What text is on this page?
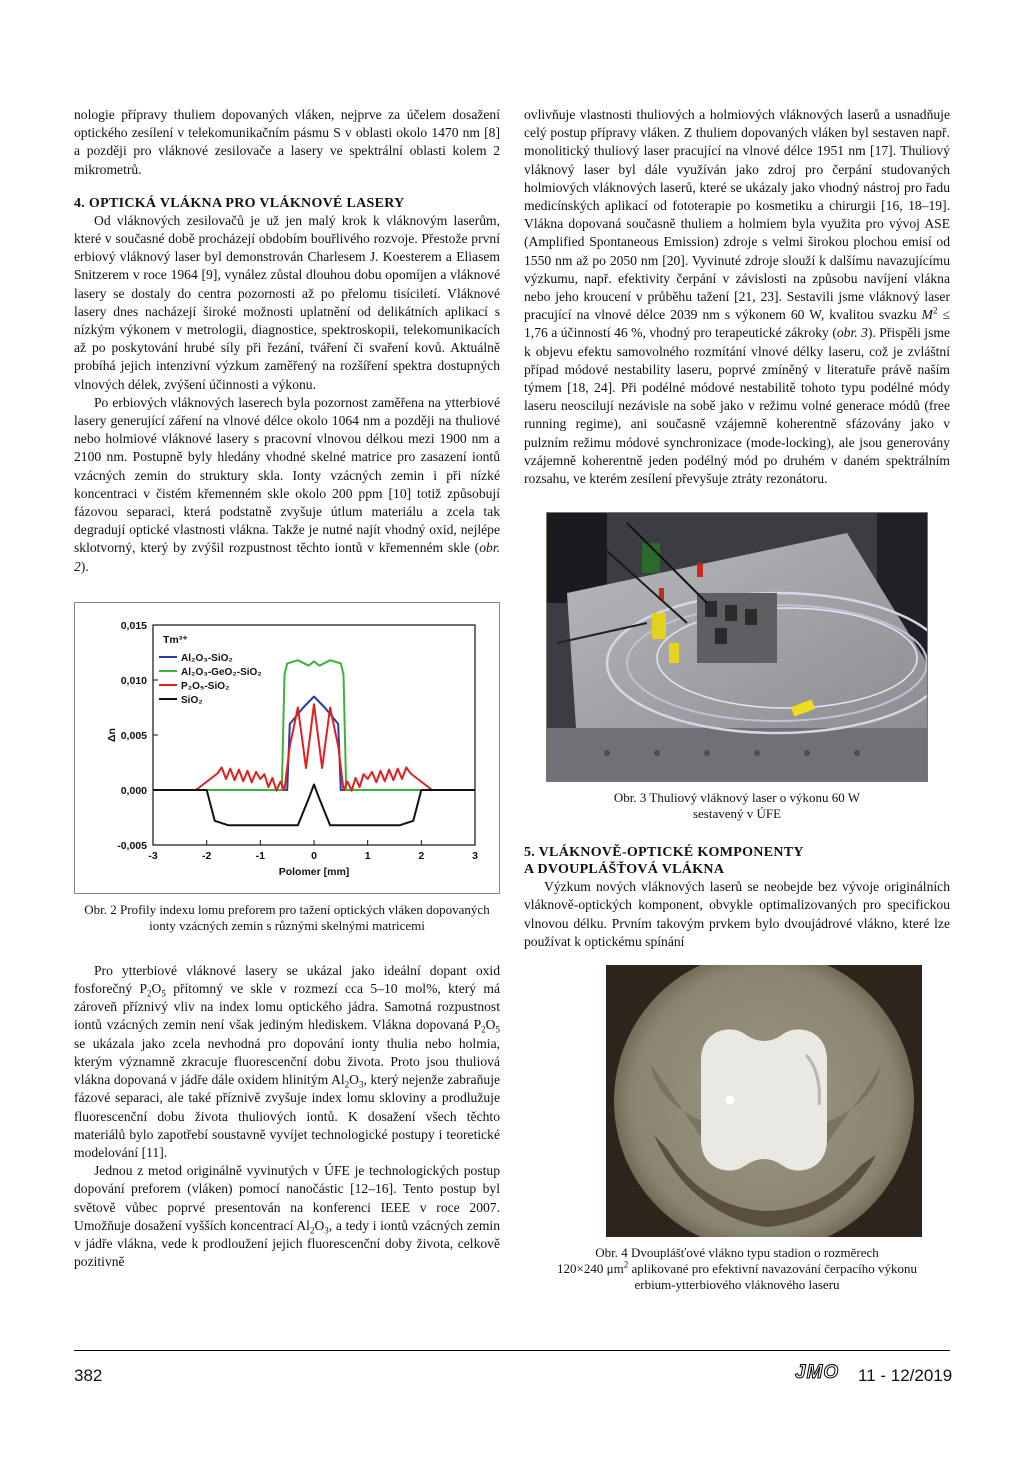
nologie přípravy thuliem dopovaných vláken, nejprve za účelem dosažení optického zesílení v telekomunikačním pásmu S v oblasti okolo 1470 nm [8] a později pro vláknové zesilovače a lasery ve spektrální oblasti kolem 2 mikrometrů.

4. OPTICKÁ VLÁKNA PRO VLÁKNOVÉ LASERY

Od vláknových zesilovačů je už jen malý krok k vláknovým laserům, které v současné době procházejí obdobím bouřlivého rozvoje. Přestože první erbiový vláknový laser byl demonstrován Charlesem J. Koesterem a Eliasem Snitzerem v roce 1964 [9], vynález zůstal dlouhou dobu opomíjen a vláknové lasery se dostaly do centra pozornosti až po přelomu tisíciletí. Vláknové lasery dnes nacházejí široké možnosti uplatnění od delikátních aplikací s nízkým výkonem v metrologii, diagnostice, spektroskopii, telekomunikacích až po poskytování hrubé síly při řezání, tváření či svaření kovů. Aktuálně probíhá jejich intenzivní výzkum zaměřený na rozšíření spektra dostupných vlnových délek, zvýšení účinnosti a výkonu.

Po erbiových vláknových laserech byla pozornost zaměřena na ytterbiové lasery generující záření na vlnové délce okolo 1064 nm a později na thuliové nebo holmiové vláknové lasery s pracovní vlnovou délkou mezi 1900 nm a 2100 nm. Postupně byly hledány vhodné skelné matrice pro zasazení iontů vzácných zemin do struktury skla. Ionty vzácných zemin i při nízké koncentraci v čistém křemenném skle okolo 200 ppm [10] totiž způsobují fázovou separaci, která podstatně zvyšuje útlum materiálu a zcela tak degradují optické vlastnosti vlákna. Takže je nutné najít vhodný oxid, nejlépe sklotvorný, který by zvýšil rozpustnost těchto iontů v křemenném skle (obr. 2).

-0,005
0,000
0,005
0,010
0,015
-3	-2	-1	0	1	2	3
Polomer [mm]
Δn
Tm³⁺
Al₂O₃-SiO₂
Al₂O₃-GeO₂-SiO₂
P₂O₅-SiO₂
SiO₂
Obr. 2 Profily indexu lomu preforem pro tažení optických vláken dopovaných ionty vzácných zemin s různými skelnými matricemi

Pro ytterbiové vláknové lasery se ukázal jako ideální dopant oxid fosforečný $P_2O_5$ přítomný ve skle v rozmezí cca 5–10 mol%, který má zároveň příznivý vliv na index lomu optického jádra. Samotná rozpustnost iontů vzácných zemin není však jediným hlediskem. Vlákna dopovaná $P_2O_5$ se ukázala jako zcela nevhodná pro dopování ionty thulia nebo holmia, kterým významně zkracuje fluorescenční dobu života. Proto jsou thuliová vlákna dopovaná v jádře dále oxidem hlinitým $Al_2O_3$, který nejenže zabraňuje fázové separaci, ale také příznivě zvyšuje index lomu skloviny a prodlužuje fluorescenční dobu života thuliových iontů. K dosažení všech těchto materiálů bylo zapotřebí soustavně vyvíjet technologické postupy i teoretické modelování [11].

Jednou z metod originálně vyvinutých v ÚFE je technologických postup dopování preforem (vláken) pomocí nanočástic [12–16]. Tento postup byl světově vůbec poprvé presentován na konferenci IEEE v roce 2007. Umožňuje dosažení vyšších koncentrací $Al_2O_3$, a tedy i iontů vzácných zemin v jádře vlákna, vede k prodloužení jejich fluorescenční doby života, celkově pozitivně

ovlivňuje vlastnosti thuliových a holmiových vláknových laserů a usnadňuje celý postup přípravy vláken. Z thuliem dopovaných vláken byl sestaven např. monolitický thuliový laser pracující na vlnové délce 1951 nm [17]. Thuliový vláknový laser byl dále využíván jako zdroj pro čerpání studovaných holmiových vláknových laserů, které se ukázaly jako vhodný nástroj pro řadu medicínských aplikací od fototerapie po kosmetiku a chirurgii [16, 18–19]. Vlákna dopovaná současně thuliem a holmiem byla využita pro vývoj ASE (Amplified Spontaneous Emission) zdroje s velmi širokou plochou emisí od 1550 nm až po 2050 nm [20]. Vyvinuté zdroje slouží k dalšímu navazujícímu výzkumu, např. efektivity čerpání v závislosti na způsobu navíjení vlákna nebo jeho kroucení v průběhu tažení [21, 23]. Sestavili jsme vláknový laser pracující na vlnové délce 2039 nm s výkonem 60 W, kvalitou svazku $M^2 \le 1,76$ a účinností 46 %, vhodný pro terapeutické zákroky (obr. 3). Přispěli jsme k objevu efektu samovolného rozmítání vlnové délky laseru, což je zvláštní případ módové nestability laseru, poprvé zmíněný v literatuře právě naším týmem [18, 24]. Při podélné módové nestabilitě tohoto typu podélné módy laseru neoscilují nezávisle na sobě jako v režimu volné generace módů (free running regime), ani současně vzájemně koherentně sfázovány jako v pulzním režimu módové synchronizace (mode-locking), ale jsou generovány vzájemně koherentně jeden podélný mód po druhém v daném spektrálním rozsahu, ve kterém zesílení převyšuje ztráty rezonátoru.

Obr. 3 Thuliový vláknový laser o výkonu 60 W
sestavený v ÚFE
5. VLÁKNOVĚ-OPTICKÉ KOMPONENTY
A DVOUPLÁŠŤOVÁ VLÁKNA

Výzkum nových vláknových laserů se neobejde bez vývoje originálních vláknově-optických komponent, obvykle optimalizovaných pro specifickou vlnovou délku. Prvním takovým prvkem bylo dvoujádrové vlákno, které lze používat k optickému spínání

Obr. 4 Dvouplášťové vlákno typu stadion o rozměrech
120×240 $\mu m^2$ aplikované pro efektivní navazování čerpacího výkonu
erbium-ytterbiového vláknového laseru
382	JMO 11 - 12/2019
